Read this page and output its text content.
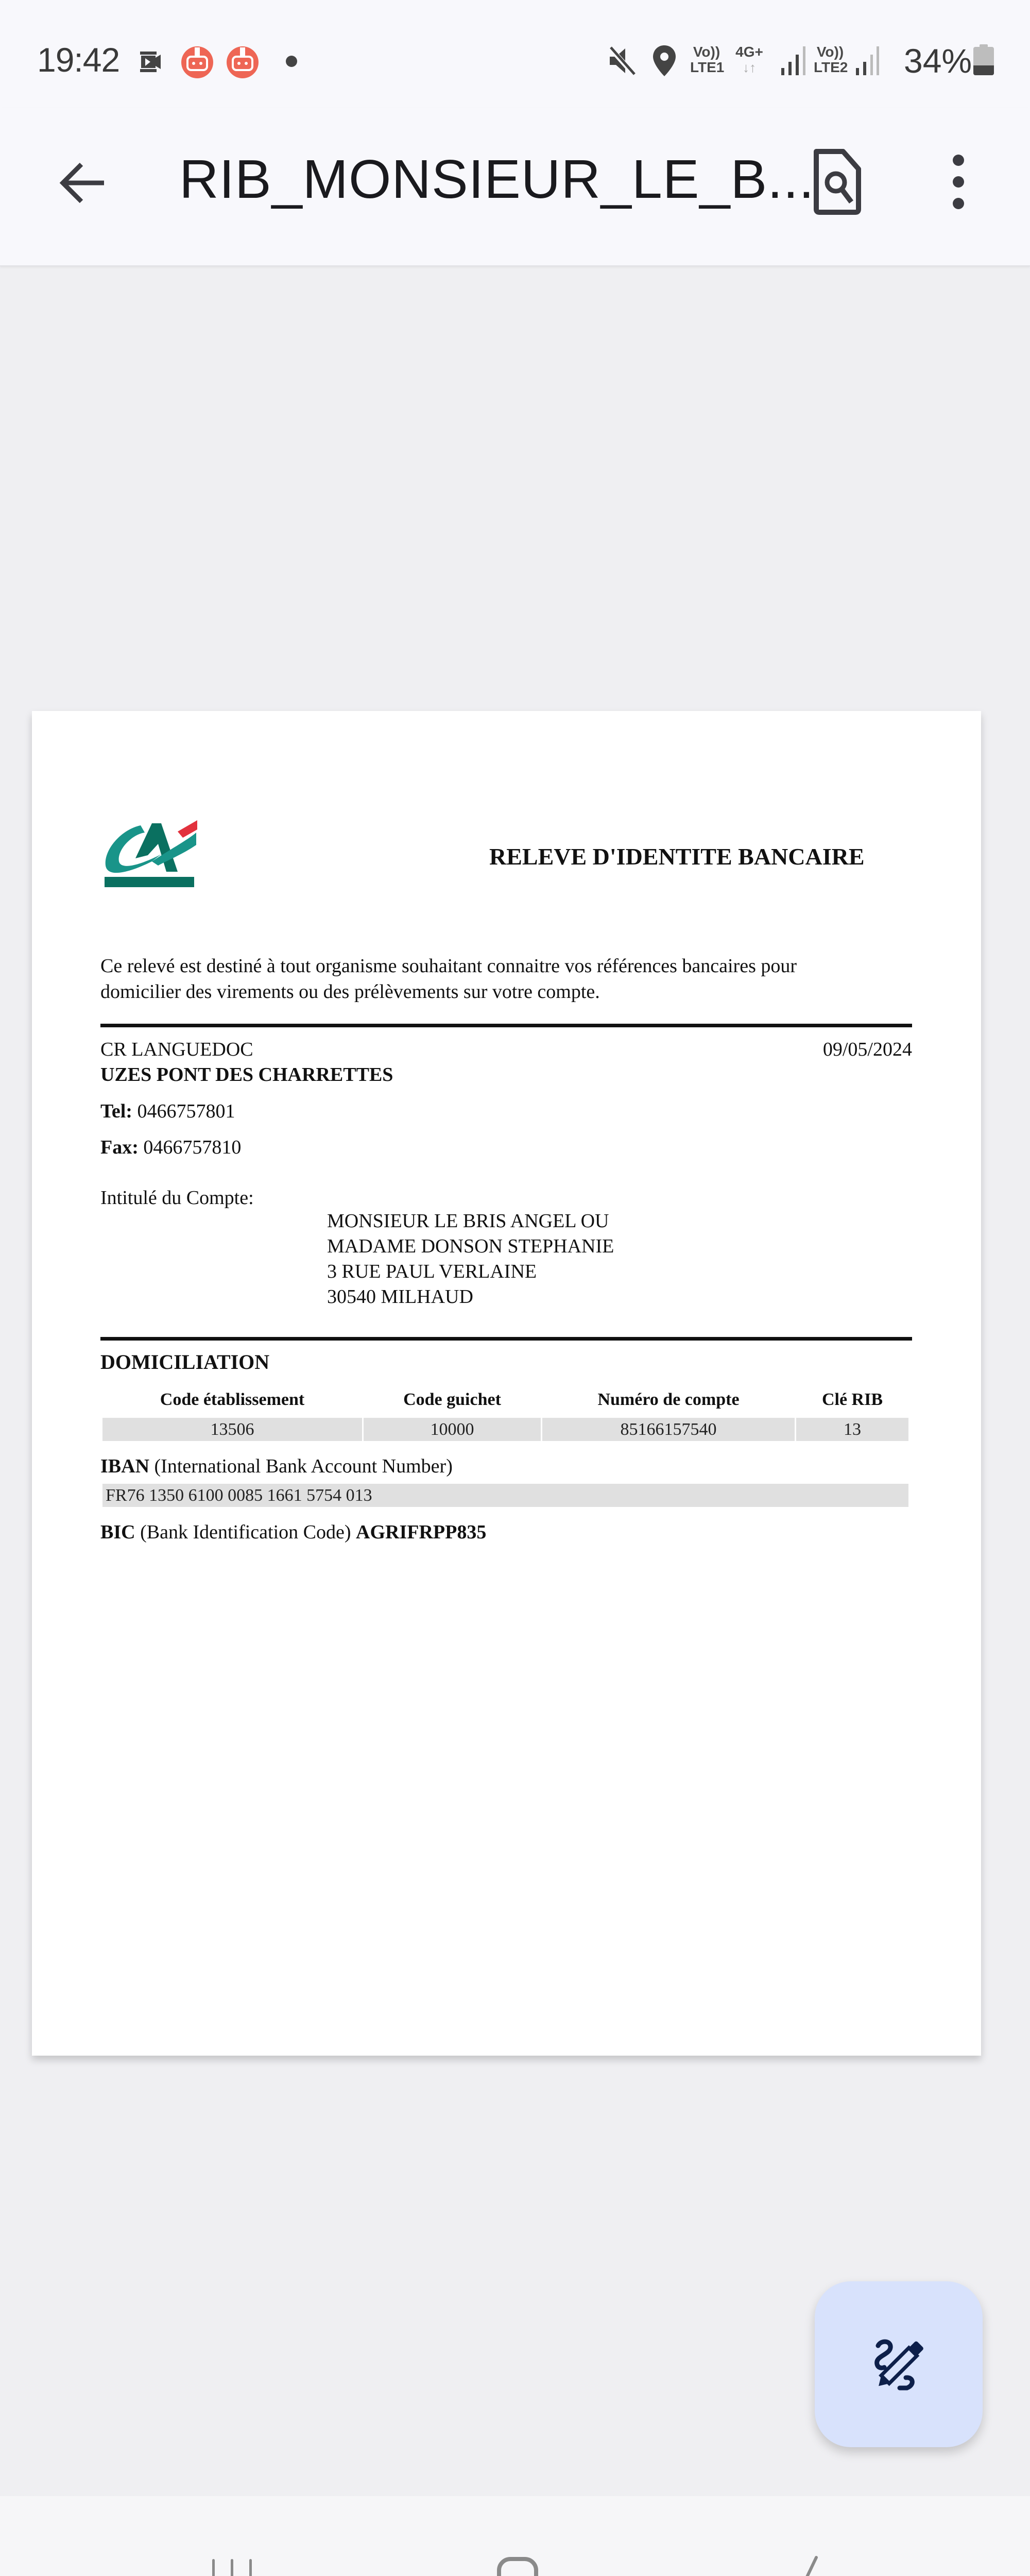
19:42	Vo))
LTE1
4G+
↓↑
Vo))
LTE2 34%
RIB_MONSIEUR_LE_B...
RELEVE D'IDENTITE BANCAIRE
Ce relevé est destiné à tout organisme souhaitant connaitre vos références bancaires pour
domicilier des virements ou des prélèvements sur votre compte.
CR LANGUEDOC	09/05/2024
UZES PONT DES CHARRETTES
Tel: 0466757801
Fax: 0466757810
Intitulé du Compte:
MONSIEUR LE BRIS ANGEL OU
MADAME DONSON STEPHANIE
3 RUE PAUL VERLAINE
30540 MILHAUD
DOMICILIATION
Code établissement	Code guichet	Numéro de compte	Clé RIB
13506	10000	85166157540	13
IBAN (International Bank Account Number)
FR76 1350 6100 0085 1661 5754 013
BIC (Bank Identification Code) AGRIFRPP835
